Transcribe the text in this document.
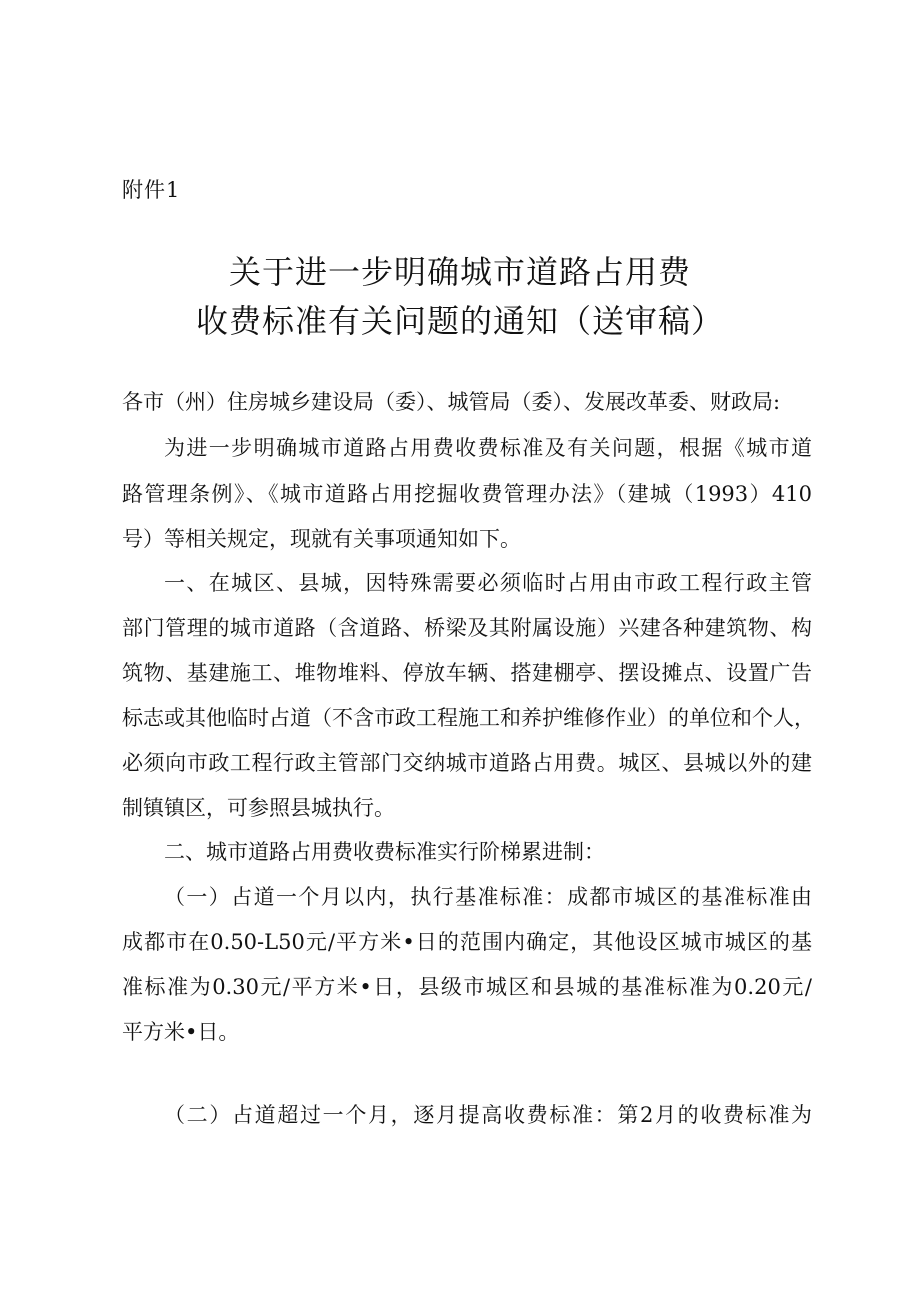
附件1
关于进一步明确城市道路占用费
收费标准有关问题的通知（送审稿）
各市（州）住房城乡建设局（委）、城管局（委）、发展改革委、财政局:
为进一步明确城市道路占用费收费标准及有关问题，根据《城市道
路管理条例》、《城市道路占用挖掘收费管理办法》（建城（1993）410
号）等相关规定，现就有关事项通知如下。
一、在城区、县城，因特殊需要必须临时占用由市政工程行政主管
部门管理的城市道路（含道路、桥梁及其附属设施）兴建各种建筑物、构
筑物、基建施工、堆物堆料、停放车辆、搭建棚亭、摆设摊点、设置广告
标志或其他临时占道（不含市政工程施工和养护维修作业）的单位和个人，
必须向市政工程行政主管部门交纳城市道路占用费。城区、县城以外的建
制镇镇区，可参照县城执行。
二、城市道路占用费收费标准实行阶梯累进制：
（一）占道一个月以内，执行基准标准：成都市城区的基准标准由
成都市在0.50-L50元/平方米•日的范围内确定，其他设区城市城区的基
准标准为0.30元/平方米•日，县级市城区和县城的基准标准为0.20元/
平方米•日。
（二）占道超过一个月，逐月提高收费标准：第2月的收费标准为
